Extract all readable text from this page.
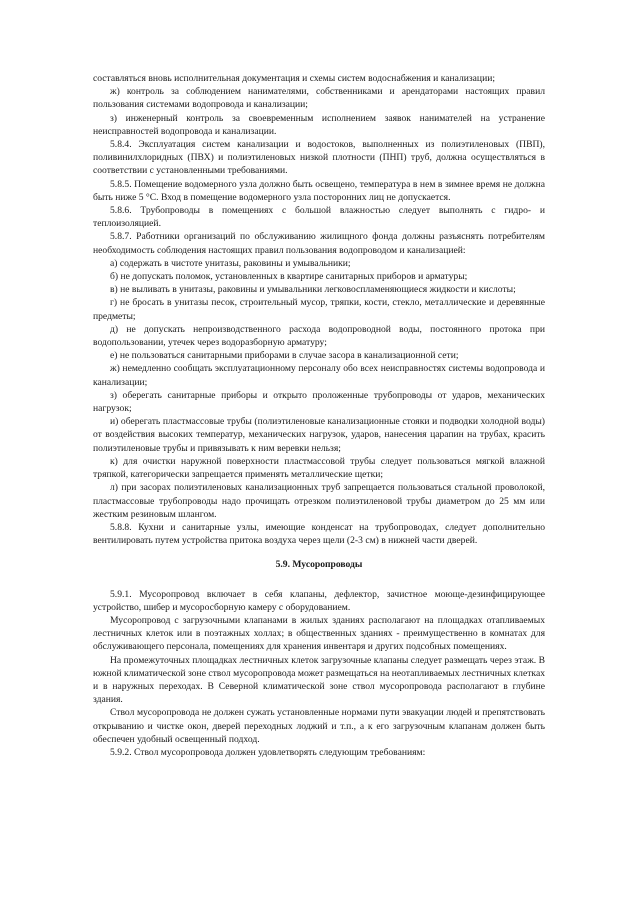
составляться вновь исполнительная документация и схемы систем водоснабжения и канализации;

ж) контроль за соблюдением нанимателями, собственниками и арендаторами настоящих правил пользования системами водопровода и канализации;

з) инженерный контроль за своевременным исполнением заявок нанимателей на устранение неисправностей водопровода и канализации.

5.8.4. Эксплуатация систем канализации и водостоков, выполненных из полиэтиленовых (ПВП), поливинилхлоридных (ПВХ) и полиэтиленовых низкой плотности (ПНП) труб, должна осуществляться в соответствии с установленными требованиями.

5.8.5. Помещение водомерного узла должно быть освещено, температура в нем в зимнее время не должна быть ниже 5 °С. Вход в помещение водомерного узла посторонних лиц не допускается.

5.8.6. Трубопроводы в помещениях с большой влажностью следует выполнять с гидро- и теплоизоляцией.

5.8.7. Работники организаций по обслуживанию жилищного фонда должны разъяснять потребителям необходимость соблюдения настоящих правил пользования водопроводом и канализацией:

а) содержать в чистоте унитазы, раковины и умывальники;

б) не допускать поломок, установленных в квартире санитарных приборов и арматуры;

в) не выливать в унитазы, раковины и умывальники легковоспламеняющиеся жидкости и кислоты;

г) не бросать в унитазы песок, строительный мусор, тряпки, кости, стекло, металлические и деревянные предметы;

д) не допускать непроизводственного расхода водопроводной воды, постоянного протока при водопользовании, утечек через водоразборную арматуру;

е) не пользоваться санитарными приборами в случае засора в канализационной сети;

ж) немедленно сообщать эксплуатационному персоналу обо всех неисправностях системы водопровода и канализации;

з) оберегать санитарные приборы и открыто проложенные трубопроводы от ударов, механических нагрузок;

и) оберегать пластмассовые трубы (полиэтиленовые канализационные стояки и подводки холодной воды) от воздействия высоких температур, механических нагрузок, ударов, нанесения царапин на трубах, красить полиэтиленовые трубы и привязывать к ним веревки нельзя;

к) для очистки наружной поверхности пластмассовой трубы следует пользоваться мягкой влажной тряпкой, категорически запрещается применять металлические щетки;

л) при засорах полиэтиленовых канализационных труб запрещается пользоваться стальной проволокой, пластмассовые трубопроводы надо прочищать отрезком полиэтиленовой трубы диаметром до 25 мм или жестким резиновым шлангом.

5.8.8. Кухни и санитарные узлы, имеющие конденсат на трубопроводах, следует дополнительно вентилировать путем устройства притока воздуха через щели (2-3 см) в нижней части дверей.

5.9. Мусоропроводы

5.9.1. Мусоропровод включает в себя клапаны, дефлектор, зачистное моюще-дезинфицирующее устройство, шибер и мусоросборную камеру с оборудованием.

Мусоропровод с загрузочными клапанами в жилых зданиях располагают на площадках отапливаемых лестничных клеток или в поэтажных холлах; в общественных зданиях - преимущественно в комнатах для обслуживающего персонала, помещениях для хранения инвентаря и других подсобных помещениях.

На промежуточных площадках лестничных клеток загрузочные клапаны следует размещать через этаж. В южной климатической зоне ствол мусоропровода может размещаться на неотапливаемых лестничных клетках и в наружных переходах. В Северной климатической зоне ствол мусоропровода располагают в глубине здания.

Ствол мусоропровода не должен сужать установленные нормами пути эвакуации людей и препятствовать открыванию и чистке окон, дверей переходных лоджий и т.п., а к его загрузочным клапанам должен быть обеспечен удобный освещенный подход.

5.9.2. Ствол мусоропровода должен удовлетворять следующим требованиям:
